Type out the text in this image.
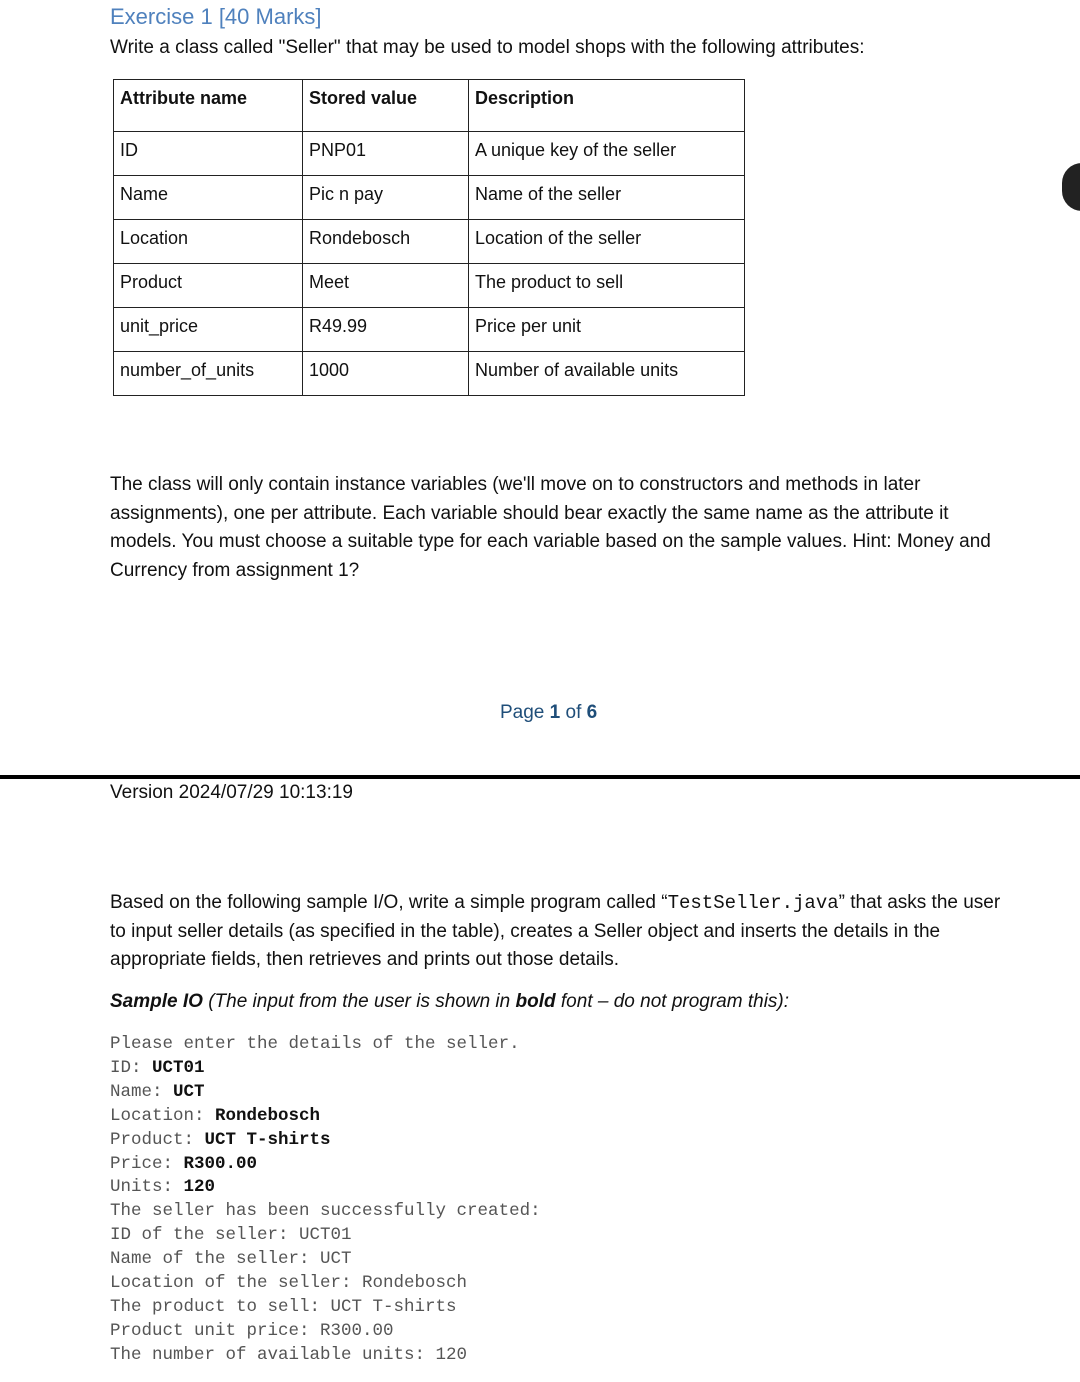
Exercise 1 [40 Marks]
Write a class called "Seller" that may be used to model shops with the following attributes:
Attribute name	Stored value	Description
ID	PNP01	A unique key of the seller
Name	Pic n pay	Name of the seller
Location	Rondebosch	Location of the seller
Product	Meet	The product to sell
unit_price	R49.99	Price per unit
number_of_units	1000	Number of available units
The class will only contain instance variables (we'll move on to constructors and methods in later assignments), one per attribute. Each variable should bear exactly the same name as the attribute it models. You must choose a suitable type for each variable based on the sample values. Hint: Money and Currency from assignment 1?
Page 1 of 6
Version 2024/07/29 10:13:19
Based on the following sample I/O, write a simple program called “TestSeller.java” that asks the user to input seller details (as specified in the table), creates a Seller object and inserts the details in the appropriate fields, then retrieves and prints out those details.
Sample IO (The input from the user is shown in bold font – do not program this):
Please enter the details of the seller.
ID: UCT01
Name: UCT
Location: Rondebosch
Product: UCT T-shirts
Price: R300.00
Units: 120
The seller has been successfully created:
ID of the seller: UCT01
Name of the seller: UCT
Location of the seller: Rondebosch
The product to sell: UCT T-shirts
Product unit price: R300.00
The number of available units: 120
